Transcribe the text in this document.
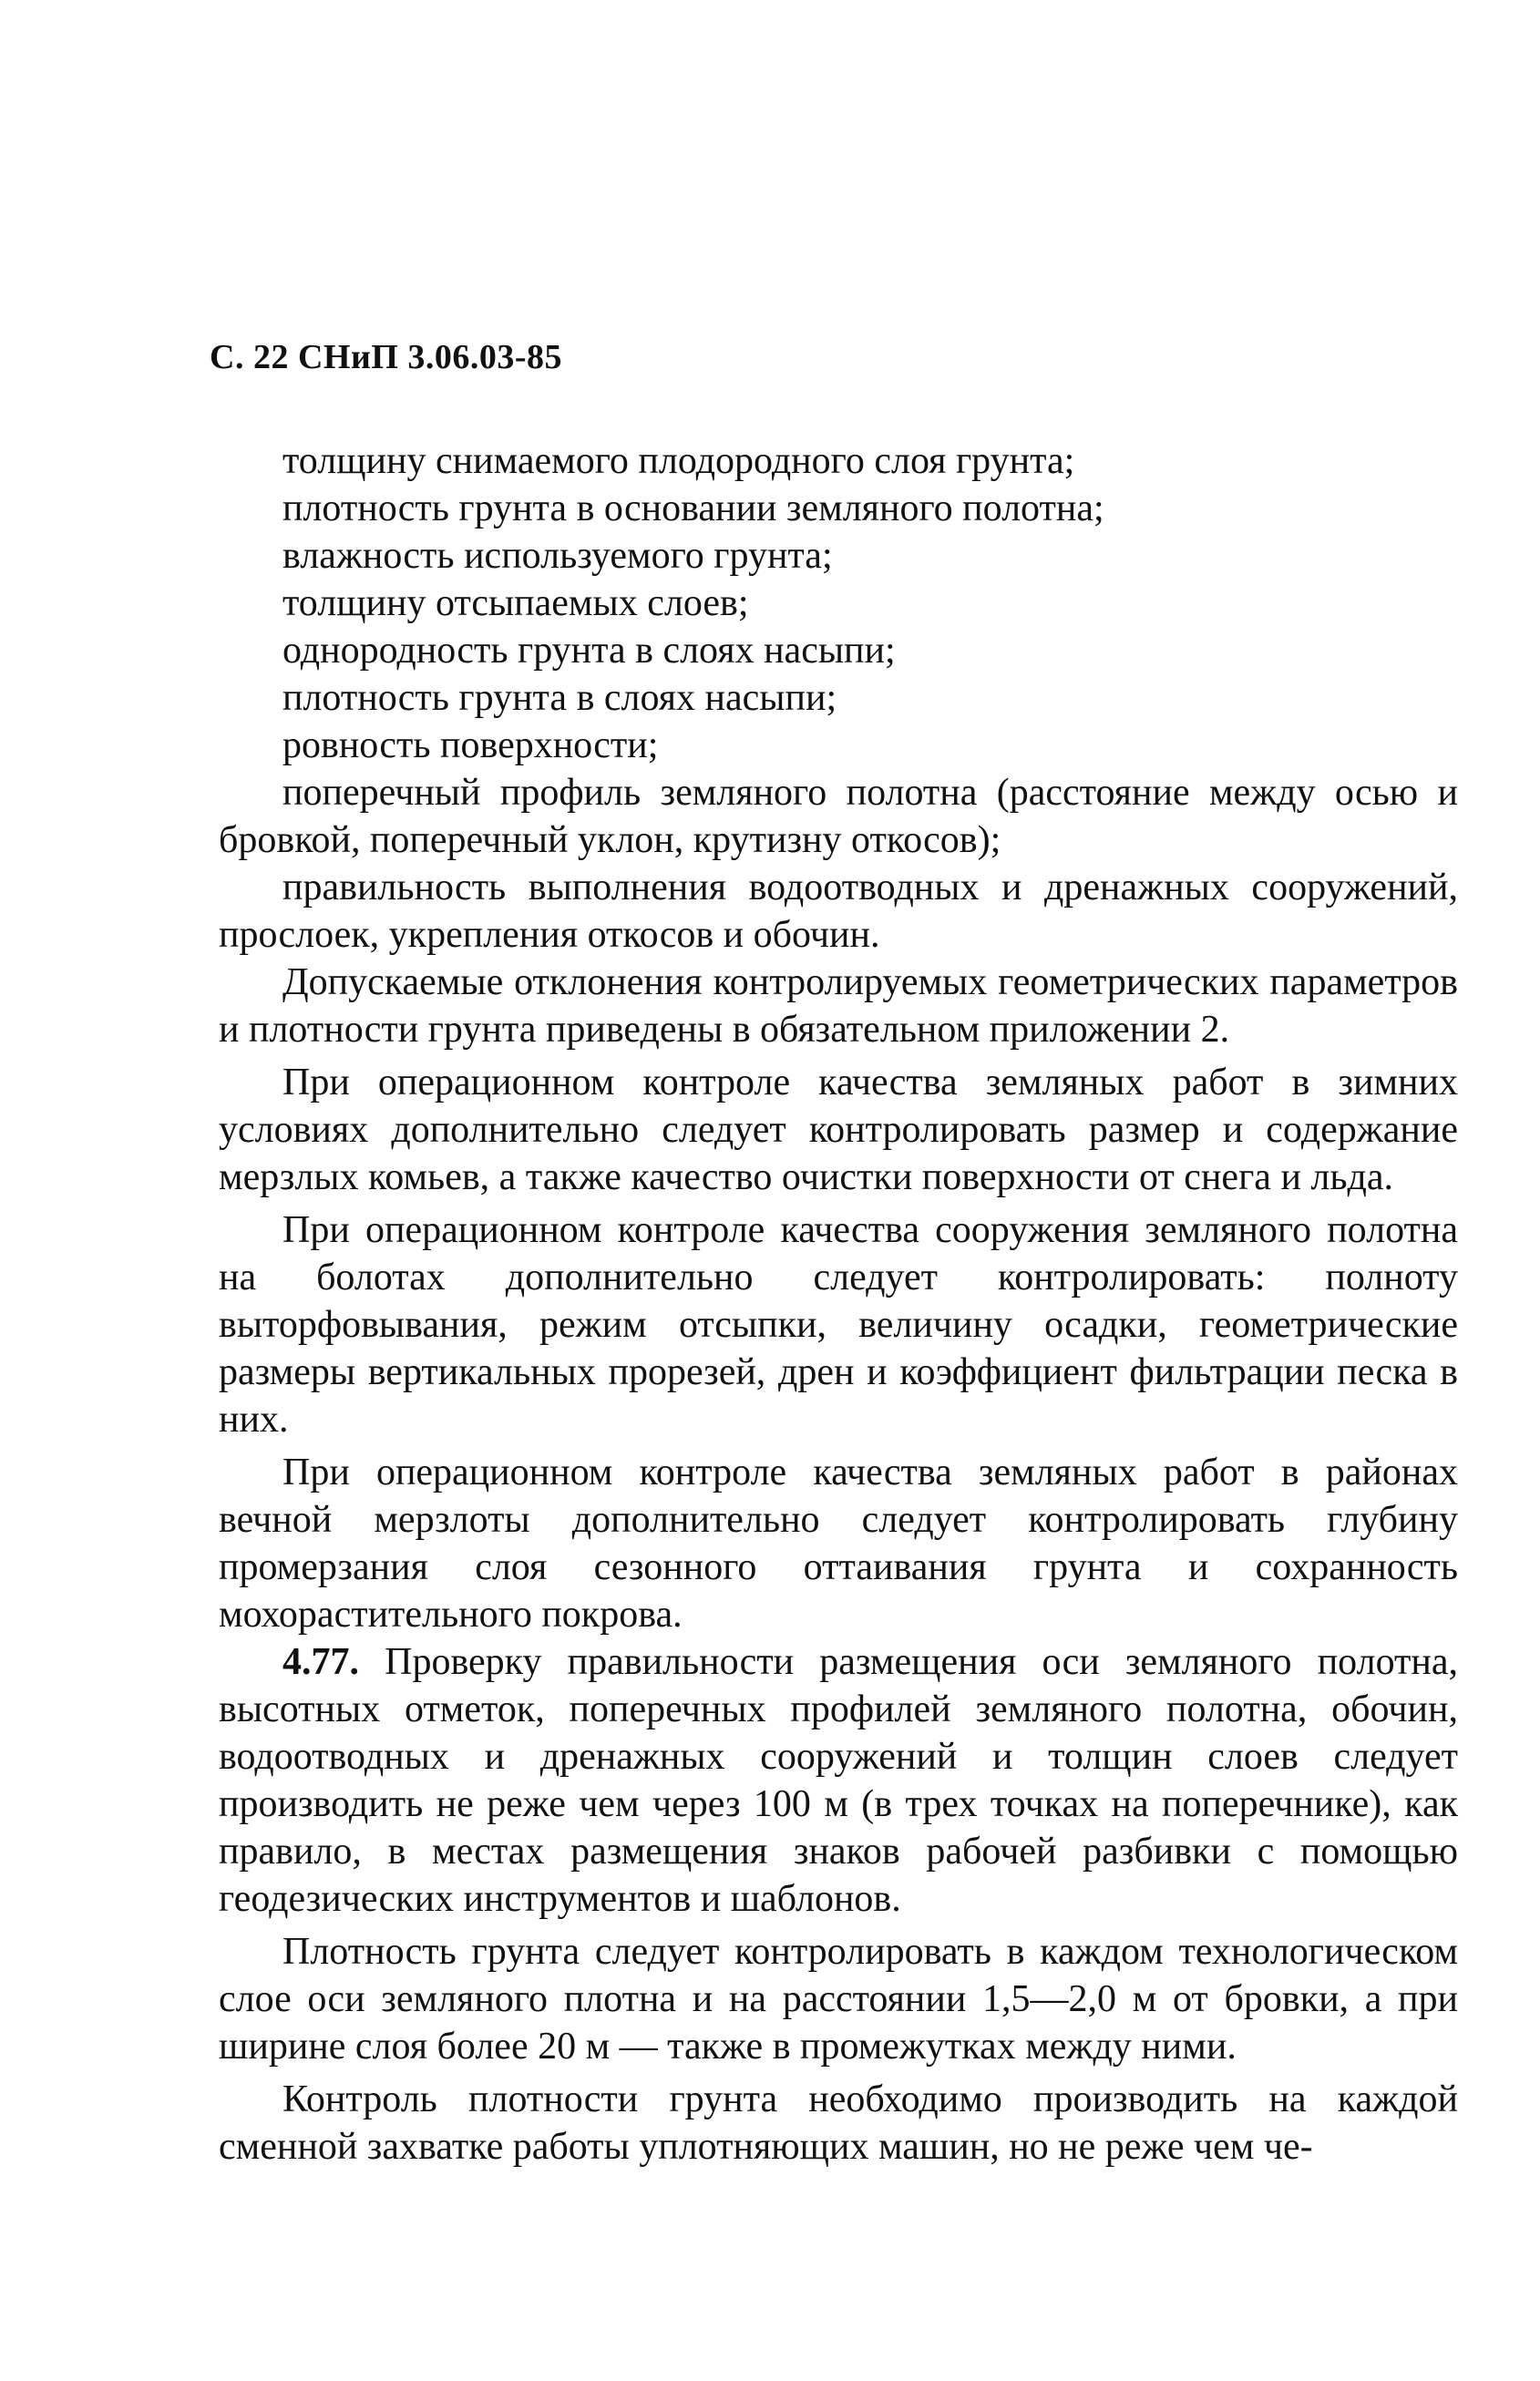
С. 22 СНиП 3.06.03-85

толщину снимаемого плодородного слоя грунта;

плотность грунта в основании земляного полотна;

влажность используемого грунта;

толщину отсыпаемых слоев;

однородность грунта в слоях насыпи;

плотность грунта в слоях насыпи;

ровность поверхности;

поперечный профиль земляного полотна (расстояние между осью и бровкой, поперечный уклон, крутизну откосов);

правильность выполнения водоотводных и дренажных сооружений, прослоек, укрепления откосов и обочин.

Допускаемые отклонения контролируемых геометрических параметров и плотности грунта приведены в обязательном приложении 2.

При операционном контроле качества земляных работ в зимних условиях дополнительно следует контролировать размер и содержание мерзлых комьев, а также качество очистки поверхности от снега и льда.

При операционном контроле качества сооружения земляного полотна на болотах дополнительно следует контролировать: полноту выторфовывания, режим отсыпки, величину осадки, геометрические размеры вертикальных прорезей, дрен и коэффициент фильтрации песка в них.

При операционном контроле качества земляных работ в районах вечной мерзлоты дополнительно следует контролировать глубину промерзания слоя сезонного оттаивания грунта и сохранность мохорастительного покрова.

4.77. Проверку правильности размещения оси земляного полотна, высотных отметок, поперечных профилей земляного полотна, обочин, водоотводных и дренажных сооружений и толщин слоев следует производить не реже чем через 100 м (в трех точках на поперечнике), как правило, в местах размещения знаков рабочей разбивки с помощью геодезических инструментов и шаблонов.

Плотность грунта следует контролировать в каждом технологическом слое оси земляного плотна и на расстоянии 1,5—2,0 м от бровки, а при ширине слоя более 20 м — также в промежутках между ними.

Контроль плотности грунта необходимо производить на каждой сменной захватке работы уплотняющих машин, но не реже чем че-
